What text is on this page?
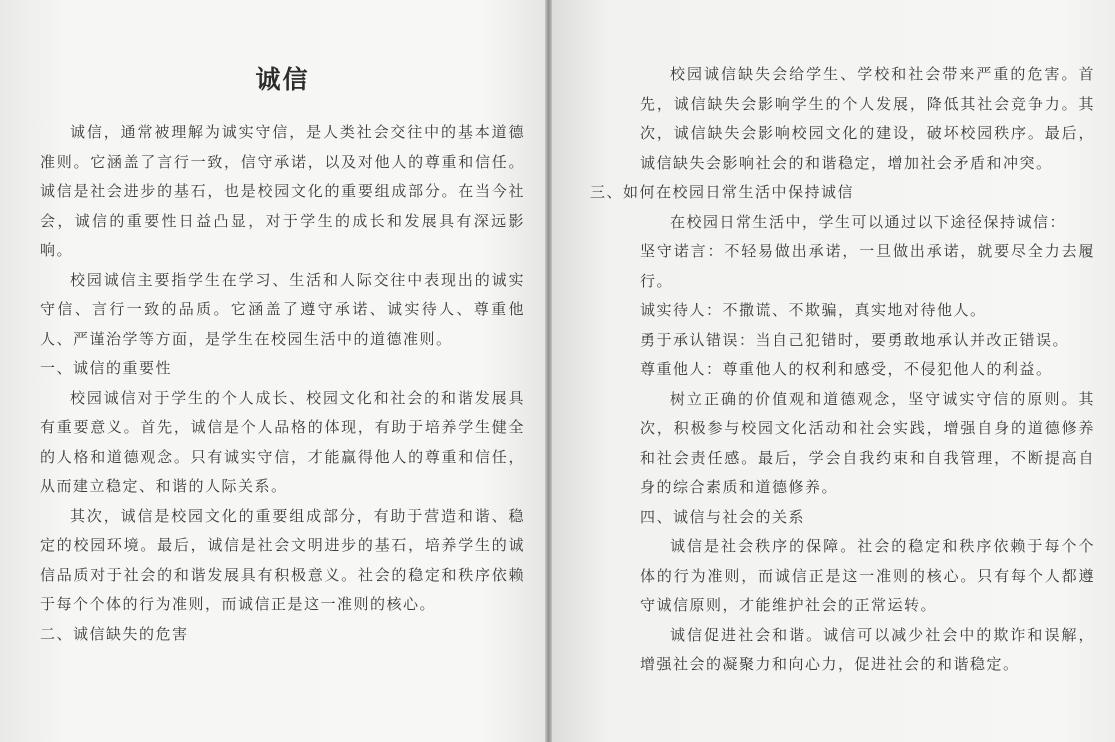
诚信

诚信，通常被理解为诚实守信，是人类社会交往中的基本道德准则。它涵盖了言行一致，信守承诺，以及对他人的尊重和信任。诚信是社会进步的基石，也是校园文化的重要组成部分。在当今社会，诚信的重要性日益凸显，对于学生的成长和发展具有深远影响。

校园诚信主要指学生在学习、生活和人际交往中表现出的诚实守信、言行一致的品质。它涵盖了遵守承诺、诚实待人、尊重他人、严谨治学等方面，是学生在校园生活中的道德准则。

一、诚信的重要性

校园诚信对于学生的个人成长、校园文化和社会的和谐发展具有重要意义。首先，诚信是个人品格的体现，有助于培养学生健全的人格和道德观念。只有诚实守信，才能赢得他人的尊重和信任，从而建立稳定、和谐的人际关系。

其次，诚信是校园文化的重要组成部分，有助于营造和谐、稳定的校园环境。最后，诚信是社会文明进步的基石，培养学生的诚信品质对于社会的和谐发展具有积极意义。社会的稳定和秩序依赖于每个个体的行为准则，而诚信正是这一准则的核心。

二、诚信缺失的危害

校园诚信缺失会给学生、学校和社会带来严重的危害。首先，诚信缺失会影响学生的个人发展，降低其社会竞争力。其次，诚信缺失会影响校园文化的建设，破坏校园秩序。最后，诚信缺失会影响社会的和谐稳定，增加社会矛盾和冲突。

三、如何在校园日常生活中保持诚信

在校园日常生活中，学生可以通过以下途径保持诚信：

坚守诺言：不轻易做出承诺，一旦做出承诺，就要尽全力去履行。

诚实待人：不撒谎、不欺骗，真实地对待他人。

勇于承认错误：当自己犯错时，要勇敢地承认并改正错误。

尊重他人：尊重他人的权利和感受，不侵犯他人的利益。

树立正确的价值观和道德观念，坚守诚实守信的原则。其次，积极参与校园文化活动和社会实践，增强自身的道德修养和社会责任感。最后，学会自我约束和自我管理，不断提高自身的综合素质和道德修养。

四、诚信与社会的关系

诚信是社会秩序的保障。社会的稳定和秩序依赖于每个个体的行为准则，而诚信正是这一准则的核心。只有每个人都遵守诚信原则，才能维护社会的正常运转。

诚信促进社会和谐。诚信可以减少社会中的欺诈和误解，增强社会的凝聚力和向心力，促进社会的和谐稳定。
